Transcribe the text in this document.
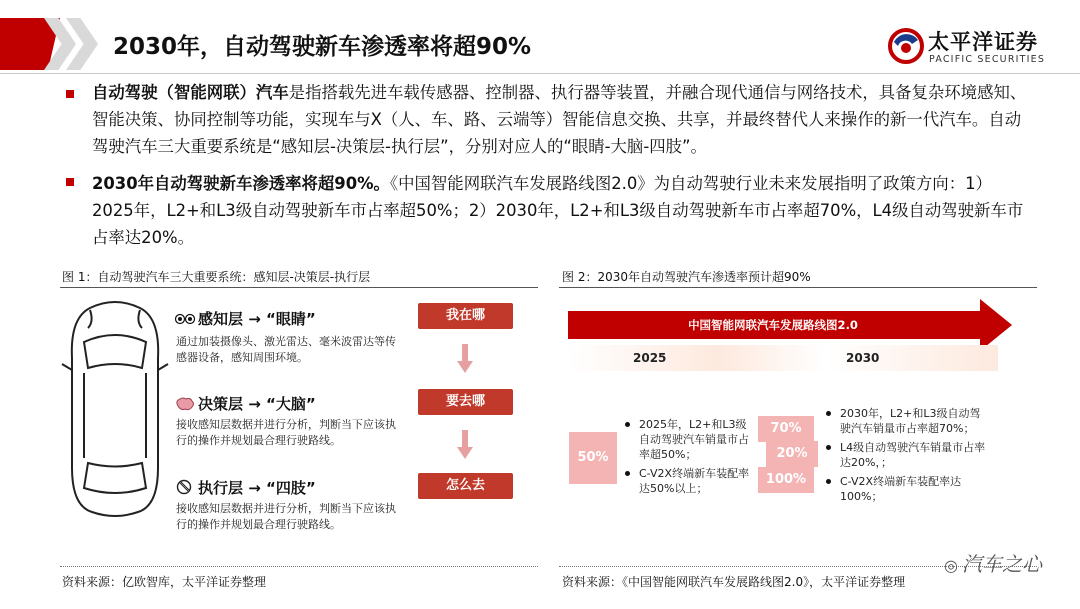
2030年，自动驾驶新车渗透率将超90%	太平洋证券
PACIFIC SECURITIES
自动驾驶（智能网联）汽车是指搭载先进车载传感器、控制器、执行器等装置，并融合现代通信与网络技术，具备复杂环境感知、智能决策、协同控制等功能，实现车与X（人、车、路、云端等）智能信息交换、共享，并最终替代人来操作的新一代汽车。自动驾驶汽车三大重要系统是“感知层-决策层-执行层”，分别对应人的“眼睛-大脑-四肢”。
2030年自动驾驶新车渗透率将超90%。《中国智能网联汽车发展路线图2.0》为自动驾驶行业未来发展指明了政策方向：1）2025年，L2+和L3级自动驾驶新车市占率超50%；2）2030年，L2+和L3级自动驾驶新车市占率超70%，L4级自动驾驶新车市占率达20%。
图 1：自动驾驶汽车三大重要系统：感知层-决策层-执行层
感知层 → “眼睛”
通过加装摄像头、激光雷达、毫米波雷达等传感器设备，感知周围环境。
决策层 → “大脑”
接收感知层数据并进行分析，判断当下应该执行的操作并规划最合理行驶路线。
执行层 → “四肢”
接收感知层数据并进行分析，判断当下应该执行的操作并规划最合理行驶路线。
我在哪
要去哪
怎么去
资料来源：亿欧智库，太平洋证券整理
图 2：2030年自动驾驶汽车渗透率预计超90%
中国智能网联汽车发展路线图2.0
2025	2030
50%
2025年，L2+和L3级自动驾驶汽车销量市占率超50%；
C-V2X终端新车装配率达50%以上；
70%
20%
100%
2030年，L2+和L3级自动驾驶汽车销量市占率超70%；
L4级自动驾驶汽车销量市占率达20%，；
C-V2X终端新车装配率达100%；
资料来源：《中国智能网联汽车发展路线图2.0》，太平洋证券整理
◎ 汽车之心
